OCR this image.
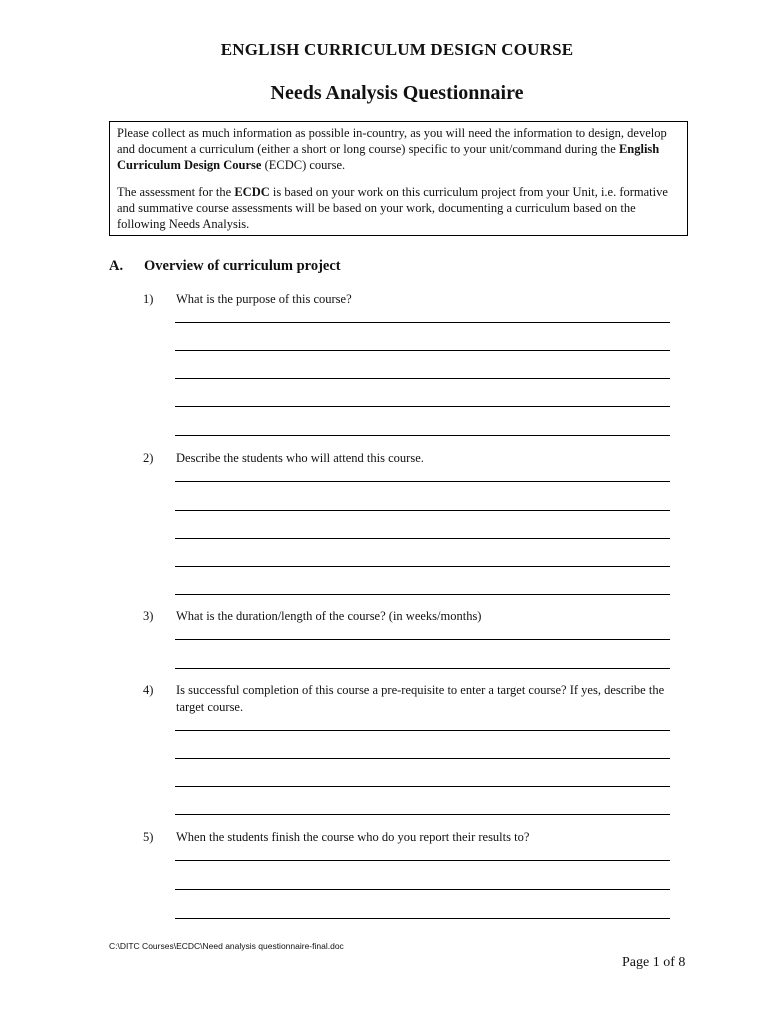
ENGLISH CURRICULUM DESIGN COURSE
Needs Analysis Questionnaire

Please collect as much information as possible in-country, as you will need the information to design, develop and document a curriculum (either a short or long course) specific to your unit/command during the English Curriculum Design Course (ECDC) course.

The assessment for the ECDC is based on your work on this curriculum project from your Unit, i.e. formative and summative course assessments will be based on your work, documenting a curriculum based on the following Needs Analysis.

A. Overview of curriculum project
1) What is the purpose of this course?
2) Describe the students who will attend this course.
3) What is the duration/length of the course? (in weeks/months)
4) Is successful completion of this course a pre-requisite to enter a target course? If yes, describe the target course.
5) When the students finish the course who do you report their results to?
C:\DITC Courses\ECDC\Need analysis questionnaire-final.doc
Page 1 of 8
